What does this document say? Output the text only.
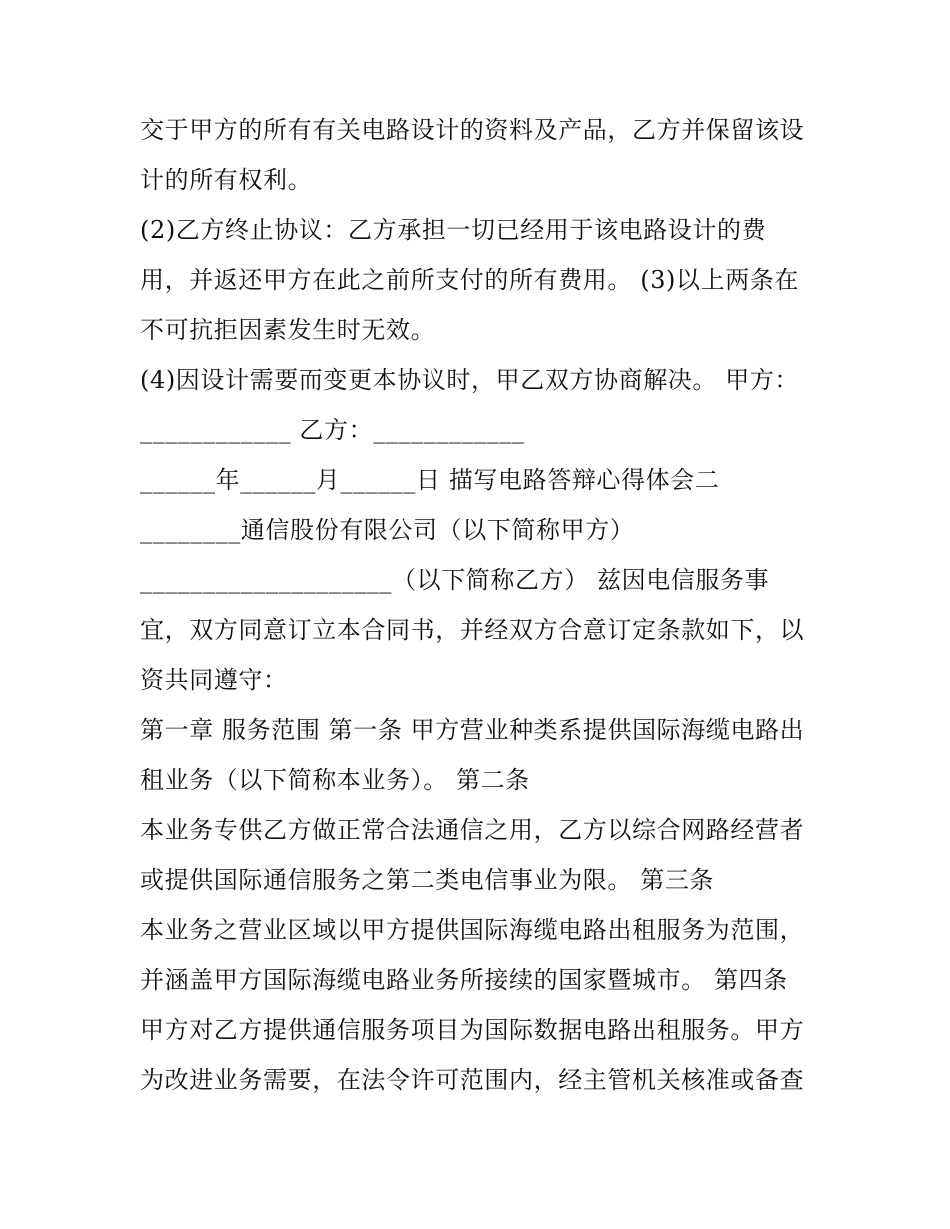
交于甲方的所有有关电路设计的资料及产品，乙方并保留该设
计的所有权利。
(2)乙方终止协议：乙方承担一切已经用于该电路设计的费
用，并返还甲方在此之前所支付的所有费用。 (3)以上两条在
不可抗拒因素发生时无效。
(4)因设计需要而变更本协议时，甲乙双方协商解决。 甲方：
____________ 乙方：____________
______年______月______日 描写电路答辩心得体会二
________通信股份有限公司（以下简称甲方）
____________________（以下简称乙方） 兹因电信服务事
宜，双方同意订立本合同书，并经双方合意订定条款如下，以
资共同遵守：
第一章 服务范围 第一条 甲方营业种类系提供国际海缆电路出
租业务（以下简称本业务）。 第二条
本业务专供乙方做正常合法通信之用，乙方以综合网路经营者
或提供国际通信服务之第二类电信事业为限。 第三条
本业务之营业区域以甲方提供国际海缆电路出租服务为范围，
并涵盖甲方国际海缆电路业务所接续的国家暨城市。 第四条
甲方对乙方提供通信服务项目为国际数据电路出租服务。甲方
为改进业务需要，在法令许可范围内，经主管机关核准或备查
